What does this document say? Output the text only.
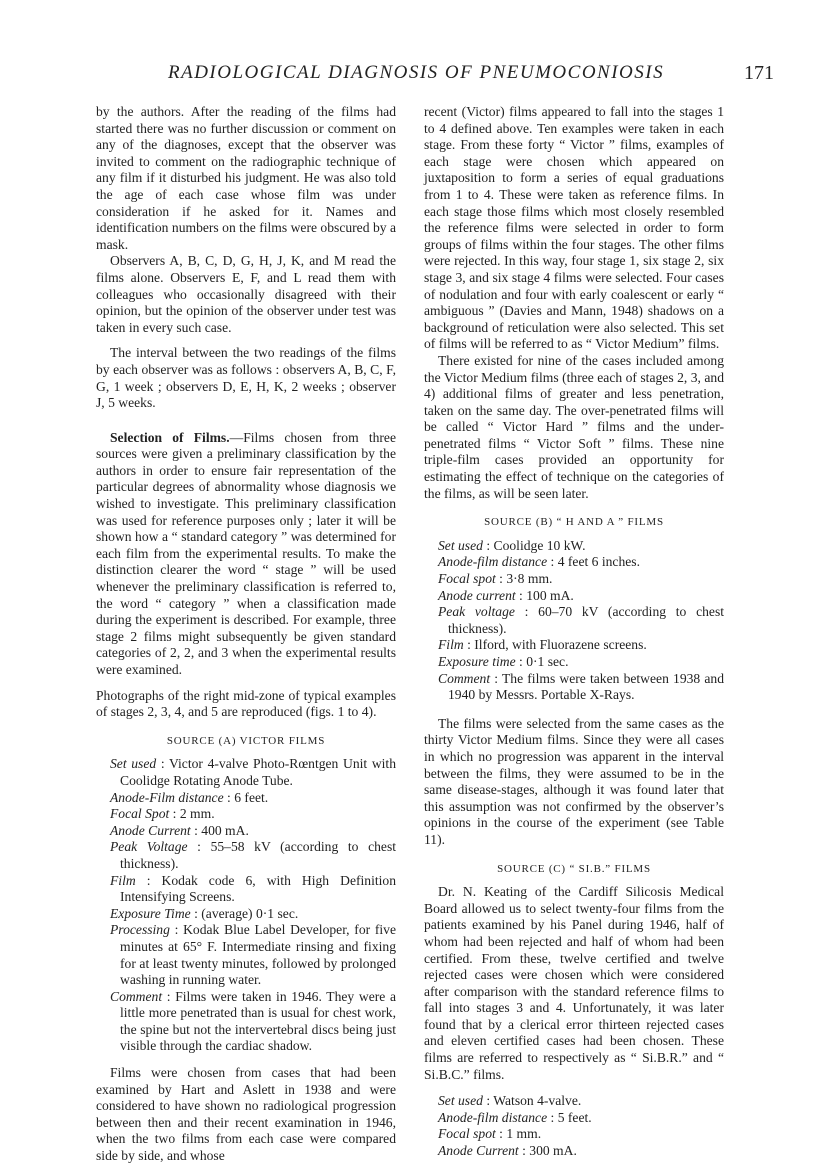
RADIOLOGICAL DIAGNOSIS OF PNEUMOCONIOSIS	171

by the authors. After the reading of the films had started there was no further discussion or comment on any of the diagnoses, except that the observer was invited to comment on the radiographic technique of any film if it disturbed his judgment. He was also told the age of each case whose film was under consideration if he asked for it. Names and identification numbers on the films were obscured by a mask.

Observers A, B, C, D, G, H, J, K, and M read the films alone. Observers E, F, and L read them with colleagues who occasionally disagreed with their opinion, but the opinion of the observer under test was taken in every such case.

The interval between the two readings of the films by each observer was as follows : observers A, B, C, F, G, 1 week ; observers D, E, H, K, 2 weeks ; observer J, 5 weeks.

Selection of Films.—Films chosen from three sources were given a preliminary classification by the authors in order to ensure fair representation of the particular degrees of abnormality whose diagnosis we wished to investigate. This preliminary classification was used for reference purposes only ; later it will be shown how a “ standard category ” was determined for each film from the experimental results. To make the distinction clearer the word “ stage ” will be used whenever the preliminary classification is referred to, the word “ category ” when a classification made during the experiment is described. For example, three stage 2 films might subsequently be given standard categories of 2, 2, and 3 when the experimental results were examined.

Photographs of the right mid-zone of typical examples of stages 2, 3, 4, and 5 are reproduced (figs. 1 to 4).

SOURCE (A) VICTOR FILMS
Set used : Victor 4-valve Photo-Rœntgen Unit with Coolidge Rotating Anode Tube.
Anode-Film distance : 6 feet.
Focal Spot : 2 mm.
Anode Current : 400 mA.
Peak Voltage : 55–58 kV (according to chest thickness).
Film : Kodak code 6, with High Definition Intensifying Screens.
Exposure Time : (average) 0·1 sec.
Processing : Kodak Blue Label Developer, for five minutes at 65° F. Intermediate rinsing and fixing for at least twenty minutes, followed by prolonged washing in running water.
Comment : Films were taken in 1946. They were a little more penetrated than is usual for chest work, the spine but not the intervertebral discs being just visible through the cardiac shadow.

Films were chosen from cases that had been examined by Hart and Aslett in 1938 and were considered to have shown no radiological progression between then and their recent examination in 1946, when the two films from each case were compared side by side, and whose

recent (Victor) films appeared to fall into the stages 1 to 4 defined above. Ten examples were taken in each stage. From these forty “ Victor ” films, examples of each stage were chosen which appeared on juxtaposition to form a series of equal graduations from 1 to 4. These were taken as reference films. In each stage those films which most closely resembled the reference films were selected in order to form groups of films within the four stages. The other films were rejected. In this way, four stage 1, six stage 2, six stage 3, and six stage 4 films were selected. Four cases of nodulation and four with early coalescent or early “ ambiguous ” (Davies and Mann, 1948) shadows on a background of reticulation were also selected. This set of films will be referred to as “ Victor Medium” films.

There existed for nine of the cases included among the Victor Medium films (three each of stages 2, 3, and 4) additional films of greater and less penetration, taken on the same day. The over-penetrated films will be called “ Victor Hard ” films and the under-penetrated films “ Victor Soft ” films. These nine triple-film cases provided an opportunity for estimating the effect of technique on the categories of the films, as will be seen later.

SOURCE (B) “ H AND A ” FILMS
Set used : Coolidge 10 kW.
Anode-film distance : 4 feet 6 inches.
Focal spot : 3·8 mm.
Anode current : 100 mA.
Peak voltage : 60–70 kV (according to chest thickness).
Film : Ilford, with Fluorazene screens.
Exposure time : 0·1 sec.
Comment : The films were taken between 1938 and 1940 by Messrs. Portable X-Rays.

The films were selected from the same cases as the thirty Victor Medium films. Since they were all cases in which no progression was apparent in the interval between the films, they were assumed to be in the same disease-stages, although it was found later that this assumption was not confirmed by the observer’s opinions in the course of the experiment (see Table 11).

SOURCE (C) “ SI.B.” FILMS

Dr. N. Keating of the Cardiff Silicosis Medical Board allowed us to select twenty-four films from the patients examined by his Panel during 1946, half of whom had been rejected and half of whom had been certified. From these, twelve certified and twelve rejected cases were chosen which were considered after comparison with the standard reference films to fall into stages 3 and 4. Unfortunately, it was later found that by a clerical error thirteen rejected cases and eleven certified cases had been chosen. These films are referred to respectively as “ Si.B.R.” and “ Si.B.C.” films.

Set used : Watson 4-valve.
Anode-film distance : 5 feet.
Focal spot : 1 mm.
Anode Current : 300 mA.
